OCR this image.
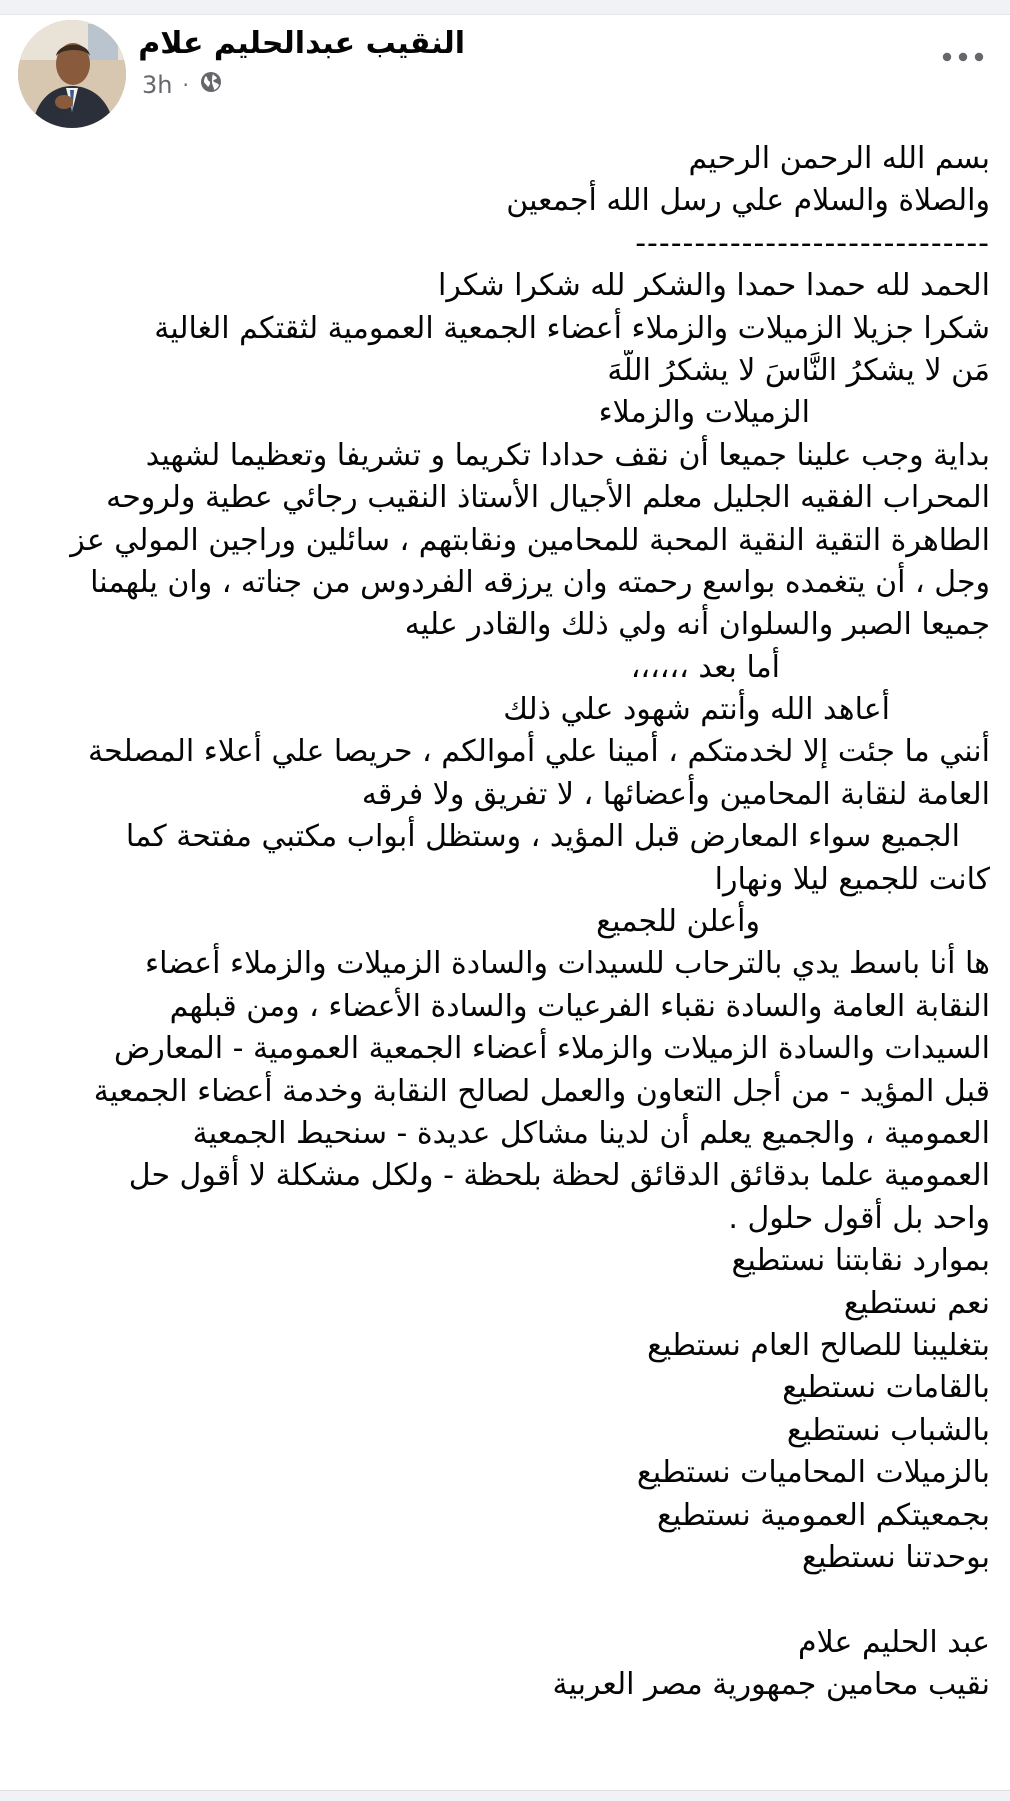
النقيب عبدالحليم علام
3h ·
بسم الله الرحمن الرحيم
والصلاة والسلام علي رسل الله أجمعين
------------------------------
الحمد لله حمدا حمدا والشكر لله شكرا شكرا
شكرا جزيلا الزميلات والزملاء أعضاء الجمعية العمومية لثقتكم الغالية
مَن لا يشكرُ النَّاسَ لا يشكرُ اللَّهَ
الزميلات والزملاء
بداية وجب علينا جميعا أن نقف حدادا تكريما و تشريفا وتعظيما لشهيد
المحراب الفقيه الجليل معلم الأجيال الأستاذ النقيب رجائي عطية ولروحه
الطاهرة التقية النقية المحبة للمحامين ونقابتهم ، سائلين وراجين المولي عز
وجل ، أن يتغمده بواسع رحمته وان يرزقه الفردوس من جناته ، وان يلهمنا
جميعا الصبر والسلوان أنه ولي ذلك والقادر عليه
أما بعد ،،،،،،
أعاهد الله وأنتم شهود علي ذلك
أنني ما جئت إلا لخدمتكم ، أمينا علي أموالكم ، حريصا علي أعلاء المصلحة
العامة لنقابة المحامين وأعضائها ، لا تفريق ولا فرقه
الجميع سواء المعارض قبل المؤيد ، وستظل أبواب مكتبي مفتحة كما
كانت للجميع ليلا ونهارا
وأعلن للجميع
ها أنا باسط يدي بالترحاب للسيدات والسادة الزميلات والزملاء أعضاء
النقابة العامة والسادة نقباء الفرعيات والسادة الأعضاء ، ومن قبلهم
السيدات والسادة الزميلات والزملاء أعضاء الجمعية العمومية - المعارض
قبل المؤيد - من أجل التعاون والعمل لصالح النقابة وخدمة أعضاء الجمعية
العمومية ، والجميع يعلم أن لدينا مشاكل عديدة - سنحيط الجمعية
العمومية علما بدقائق الدقائق لحظة بلحظة - ولكل مشكلة لا أقول حل
واحد بل أقول حلول .
بموارد نقابتنا نستطيع
نعم نستطيع
بتغليبنا للصالح العام نستطيع
بالقامات نستطيع
بالشباب نستطيع
بالزميلات المحاميات نستطيع
بجمعيتكم العمومية نستطيع
بوحدتنا نستطيع
عبد الحليم علام
نقيب محامين جمهورية مصر العربية
